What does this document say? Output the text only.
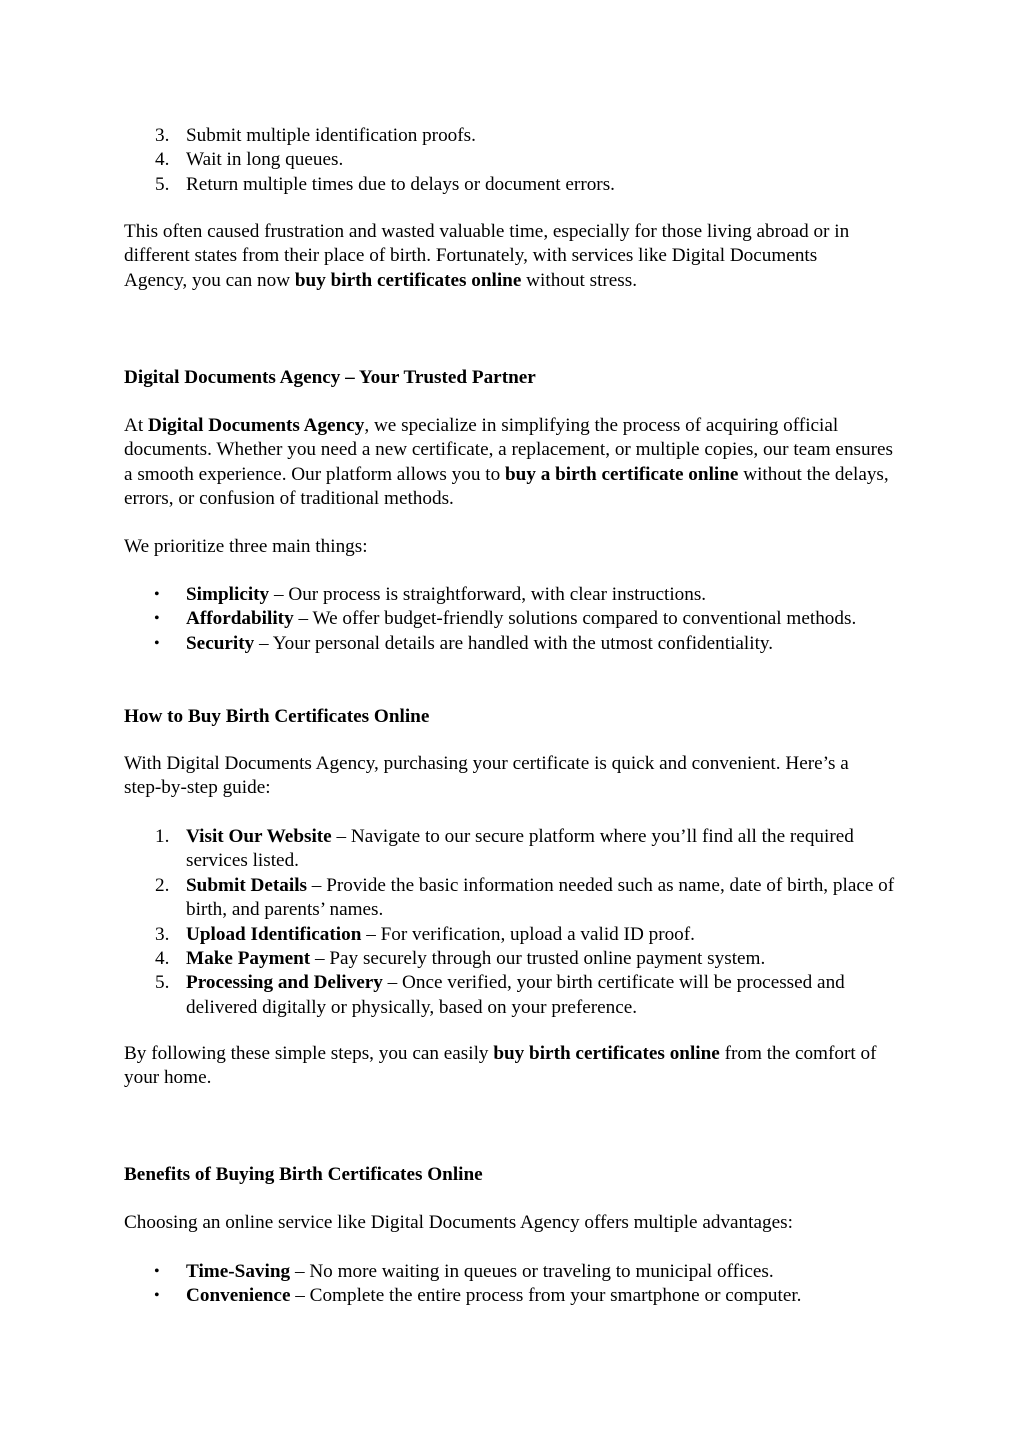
3. Submit multiple identification proofs.
4. Wait in long queues.
5. Return multiple times due to delays or document errors.

This often caused frustration and wasted valuable time, especially for those living abroad or in different states from their place of birth. Fortunately, with services like Digital Documents Agency, you can now buy birth certificates online without stress.

Digital Documents Agency – Your Trusted Partner

At Digital Documents Agency, we specialize in simplifying the process of acquiring official documents. Whether you need a new certificate, a replacement, or multiple copies, our team ensures a smooth experience. Our platform allows you to buy a birth certificate online without the delays, errors, or confusion of traditional methods.

We prioritize three main things:

• Simplicity – Our process is straightforward, with clear instructions.
• Affordability – We offer budget-friendly solutions compared to conventional methods.
• Security – Your personal details are handled with the utmost confidentiality.
How to Buy Birth Certificates Online

With Digital Documents Agency, purchasing your certificate is quick and convenient. Here’s a step-by-step guide:

1. Visit Our Website – Navigate to our secure platform where you’ll find all the required services listed.
2. Submit Details – Provide the basic information needed such as name, date of birth, place of birth, and parents’ names.
3. Upload Identification – For verification, upload a valid ID proof.
4. Make Payment – Pay securely through our trusted online payment system.
5. Processing and Delivery – Once verified, your birth certificate will be processed and delivered digitally or physically, based on your preference.

By following these simple steps, you can easily buy birth certificates online from the comfort of your home.

Benefits of Buying Birth Certificates Online

Choosing an online service like Digital Documents Agency offers multiple advantages:

• Time-Saving – No more waiting in queues or traveling to municipal offices.
• Convenience – Complete the entire process from your smartphone or computer.
